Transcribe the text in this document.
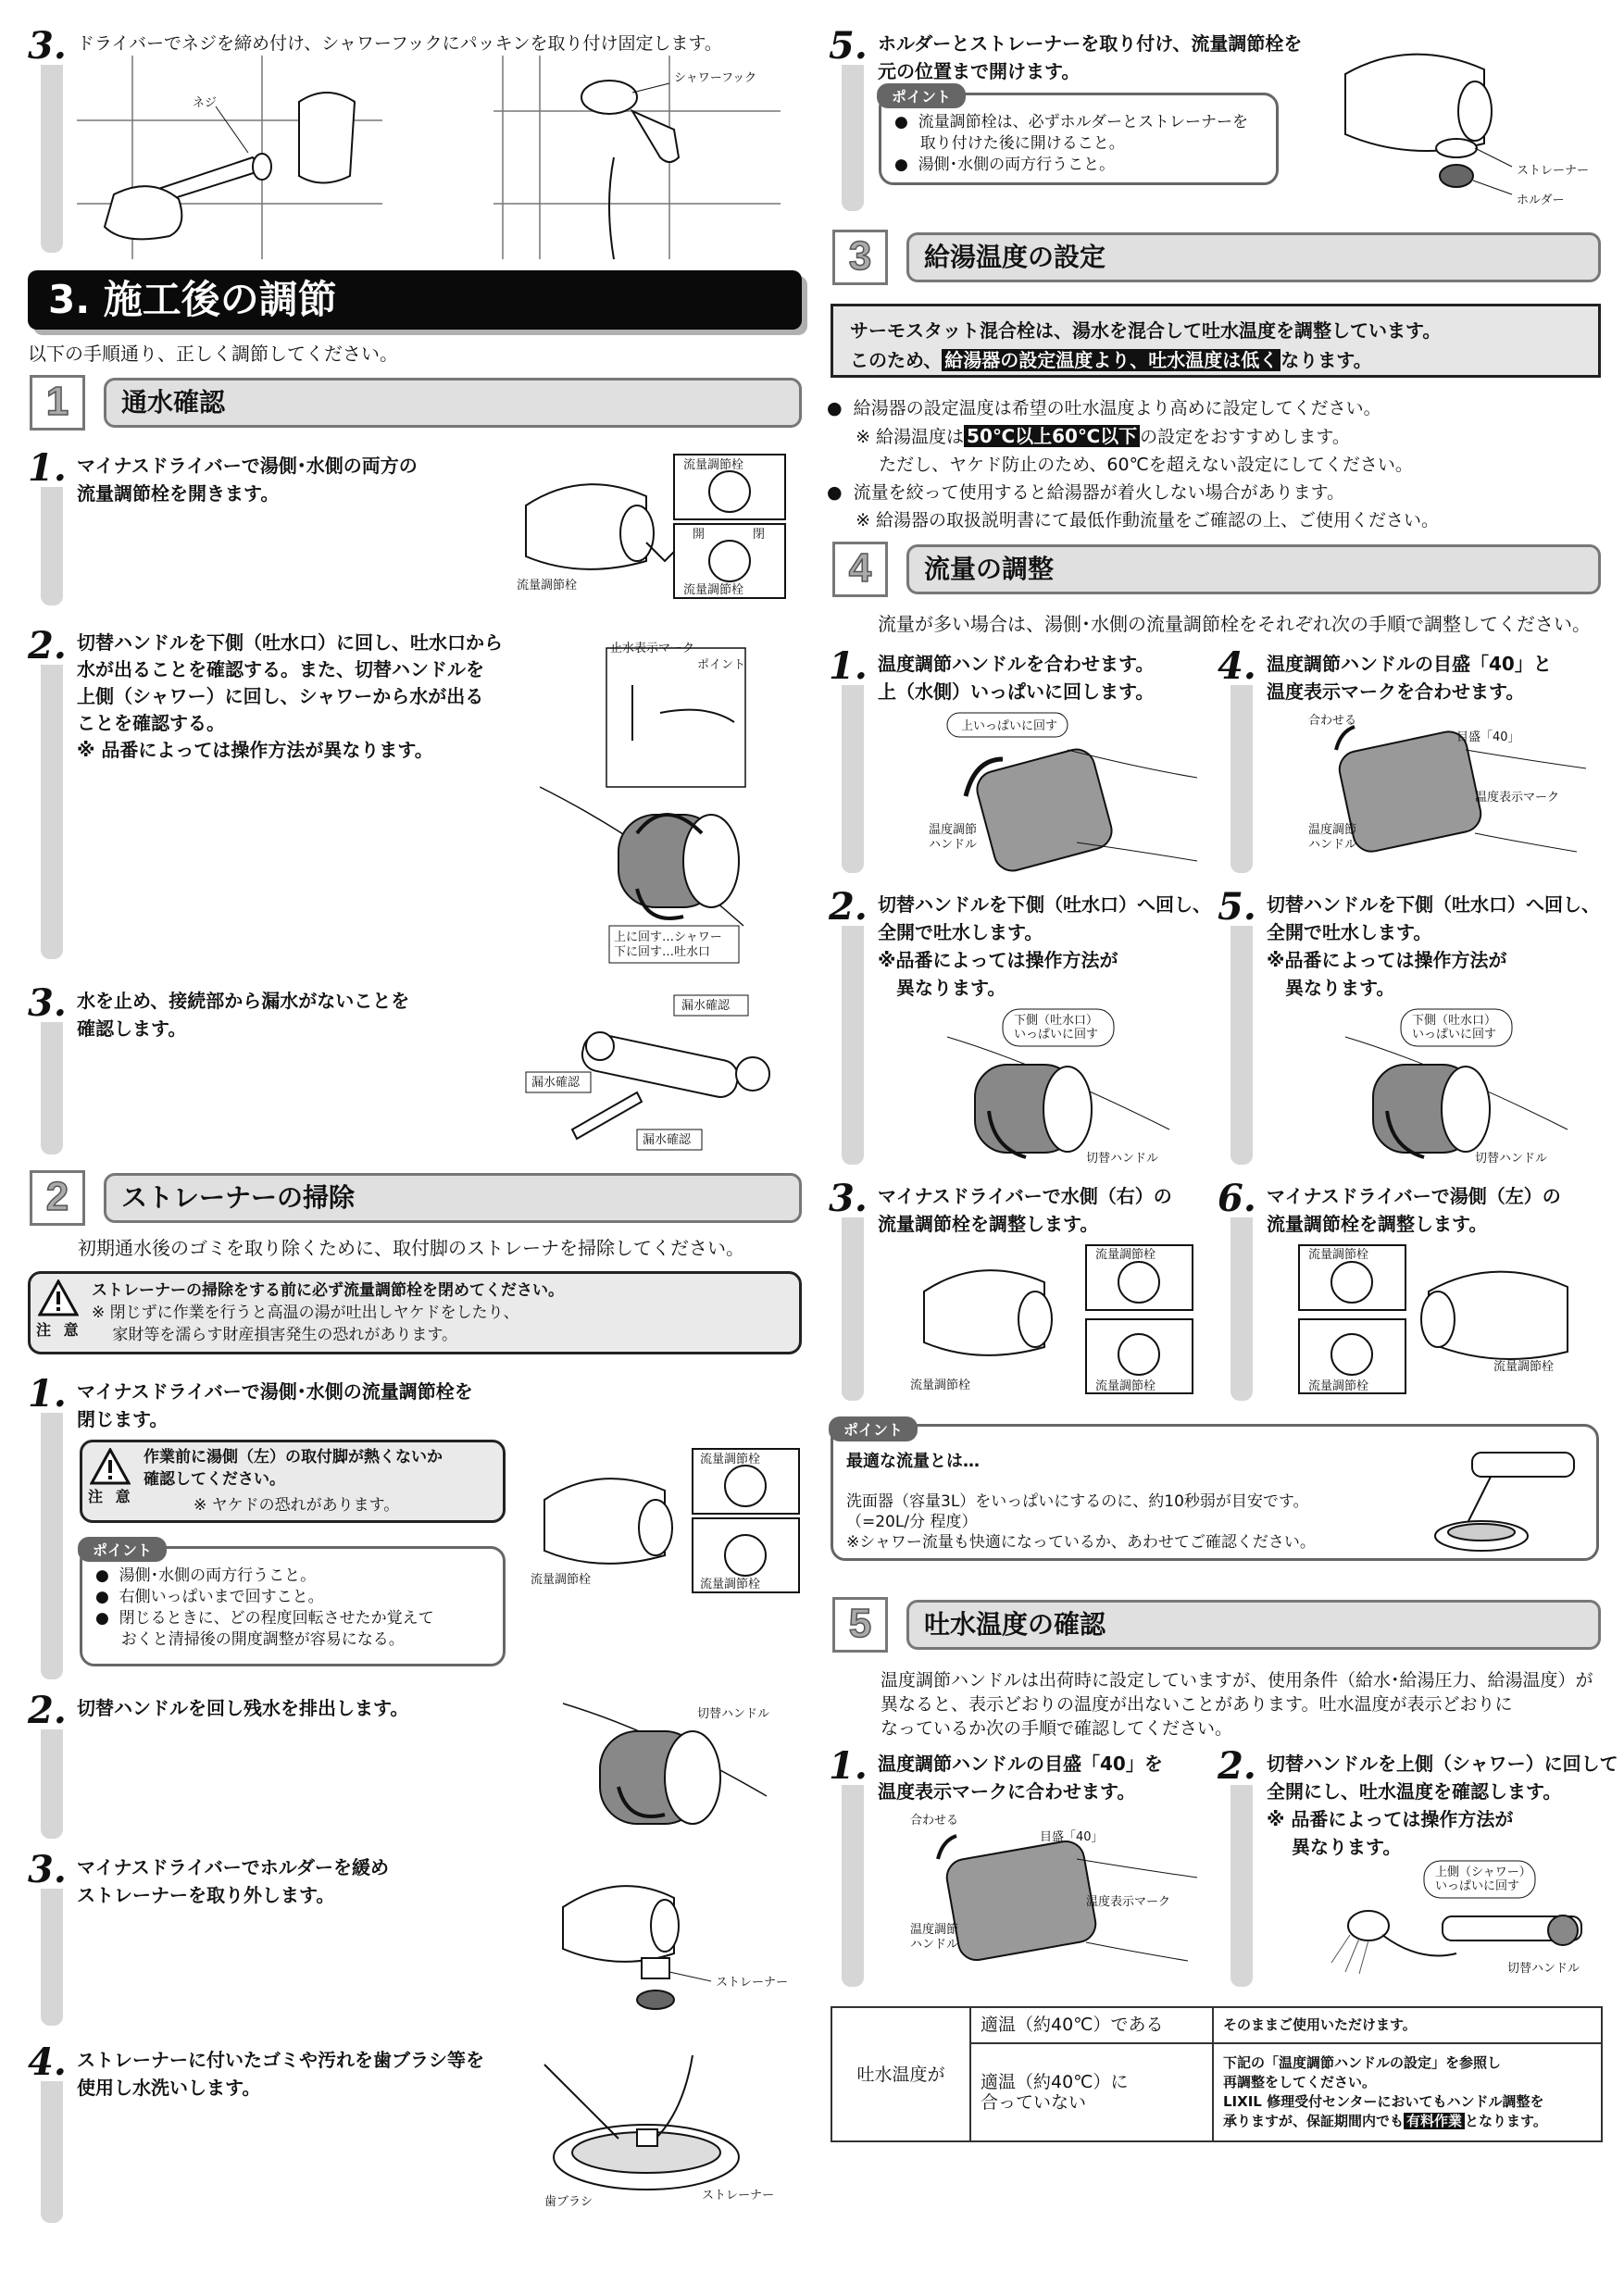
3. ドライバーでネジを締め付け、シャワーフックにパッキンを取り付け固定します。
ネジ
シャワーフック
3. 施工後の調節
以下の手順通り、正しく調節してください。
1	通水確認
1. マイナスドライバーで湯側･水側の両方の
流量調節栓を開きます。
流量調節栓
流量調節栓
開	閉
流量調節栓
2. 切替ハンドルを下側（吐水口）に回し、吐水口から
水が出ることを確認する。また、切替ハンドルを
上側（シャワー）に回し、シャワーから水が出る
ことを確認する。
※ 品番によっては操作方法が異なります。
止水表示マーク
ポイント
上に回す…シャワー下に回す…吐水口
3. 水を止め、接続部から漏水がないことを
確認します。
漏水確認
漏水確認
漏水確認
2	ストレーナーの掃除
初期通水後のゴミを取り除くために、取付脚のストレーナを掃除してください。
注 意
ストレーナーの掃除をする前に必ず流量調節栓を閉めてください。
※ 閉じずに作業を行うと高温の湯が吐出しヤケドをしたり、
　 家財等を濡らす財産損害発生の恐れがあります。
1. マイナスドライバーで湯側･水側の流量調節栓を
閉じます。
注 意
作業前に湯側（左）の取付脚が熱くないか
確認してください。
※ ヤケドの恐れがあります。
●  湯側･水側の両方行うこと。
●  右側いっぱいまで回すこと。
●  閉じるときに、どの程度回転させたか覚えて
　  おくと清掃後の開度調整が容易になる。
ポイント
流量調節栓
流量調節栓
流量調節栓
2. 切替ハンドルを回し残水を排出します。	切替ハンドル
3. マイナスドライバーでホルダーを緩め
ストレーナーを取り外します。
ストレーナー
4. ストレーナーに付いたゴミや汚れを歯ブラシ等を
使用し水洗いします。
歯ブラシ	ストレーナー
5. ホルダーとストレーナーを取り付け、流量調節栓を
元の位置まで開けます。
●  流量調節栓は、必ずホルダーとストレーナーを
　  取り付けた後に開けること。
●  湯側･水側の両方行うこと。
ポイント
ストレーナー
ホルダー
3	給湯温度の設定
サーモスタット混合栓は、湯水を混合して吐水温度を調整しています。
このため、 給湯器の設定温度より、吐水温度は低く なります。
●  給湯器の設定温度は希望の吐水温度より高めに設定してください。
　  ※ 給湯温度は 50℃以上60℃以下 の設定をおすすめします。
　　   ただし、ヤケド防止のため、60℃を超えない設定にしてください。
●  流量を絞って使用すると給湯器が着火しない場合があります。
　  ※ 給湯器の取扱説明書にて最低作動流量をご確認の上、ご使用ください。
4	流量の調整
流量が多い場合は、湯側･水側の流量調節栓をそれぞれ次の手順で調整してください。
1. 温度調節ハンドルを合わせます。
上（水側）いっぱいに回します。
上いっぱいに回す
温度調節ハンドル
4. 温度調節ハンドルの目盛「40」と
温度表示マークを合わせます。
合わせる
目盛「40」
温度表示マーク
温度調節ハンドル
2. 切替ハンドルを下側（吐水口）へ回し、
全開で吐水します。
※品番によっては操作方法が
　異なります。
下側（吐水口）いっぱいに回す
切替ハンドル
5. 切替ハンドルを下側（吐水口）へ回し、
全開で吐水します。
※品番によっては操作方法が
　異なります。
下側（吐水口）いっぱいに回す
切替ハンドル
3. マイナスドライバーで水側（右）の
流量調節栓を調整します。
流量調節栓
流量調節栓
流量調節栓
6. マイナスドライバーで湯側（左）の
流量調節栓を調整します。
流量調節栓
流量調節栓
流量調節栓
最適な流量とは…
洗面器（容量3L）をいっぱいにするのに、約10秒弱が目安です。
（=20L/分 程度）
※シャワー流量も快適になっているか、あわせてご確認ください。
ポイント
5	吐水温度の確認
温度調節ハンドルは出荷時に設定していますが、使用条件（給水･給湯圧力、給湯温度）が
異なると、表示どおりの温度が出ないことがあります。吐水温度が表示どおりに
なっているか次の手順で確認してください。
1. 温度調節ハンドルの目盛「40」を
温度表示マークに合わせます。
合わせる
目盛「40」
温度表示マーク
温度調節ハンドル
2. 切替ハンドルを上側（シャワー）に回して
全開にし、吐水温度を確認します。
※ 品番によっては操作方法が
　 異なります。
上側（シャワー）いっぱいに回す
切替ハンドル
吐水温度が	適温（約40℃）である	そのままご使用いただけます。
	適温（約40℃）に
合っていない	下記の「温度調節ハンドルの設定」を参照し
再調整をしてください。
LIXIL 修理受付センターにおいてもハンドル調整を
承りますが、保証期間内でも 有料作業 となります。
